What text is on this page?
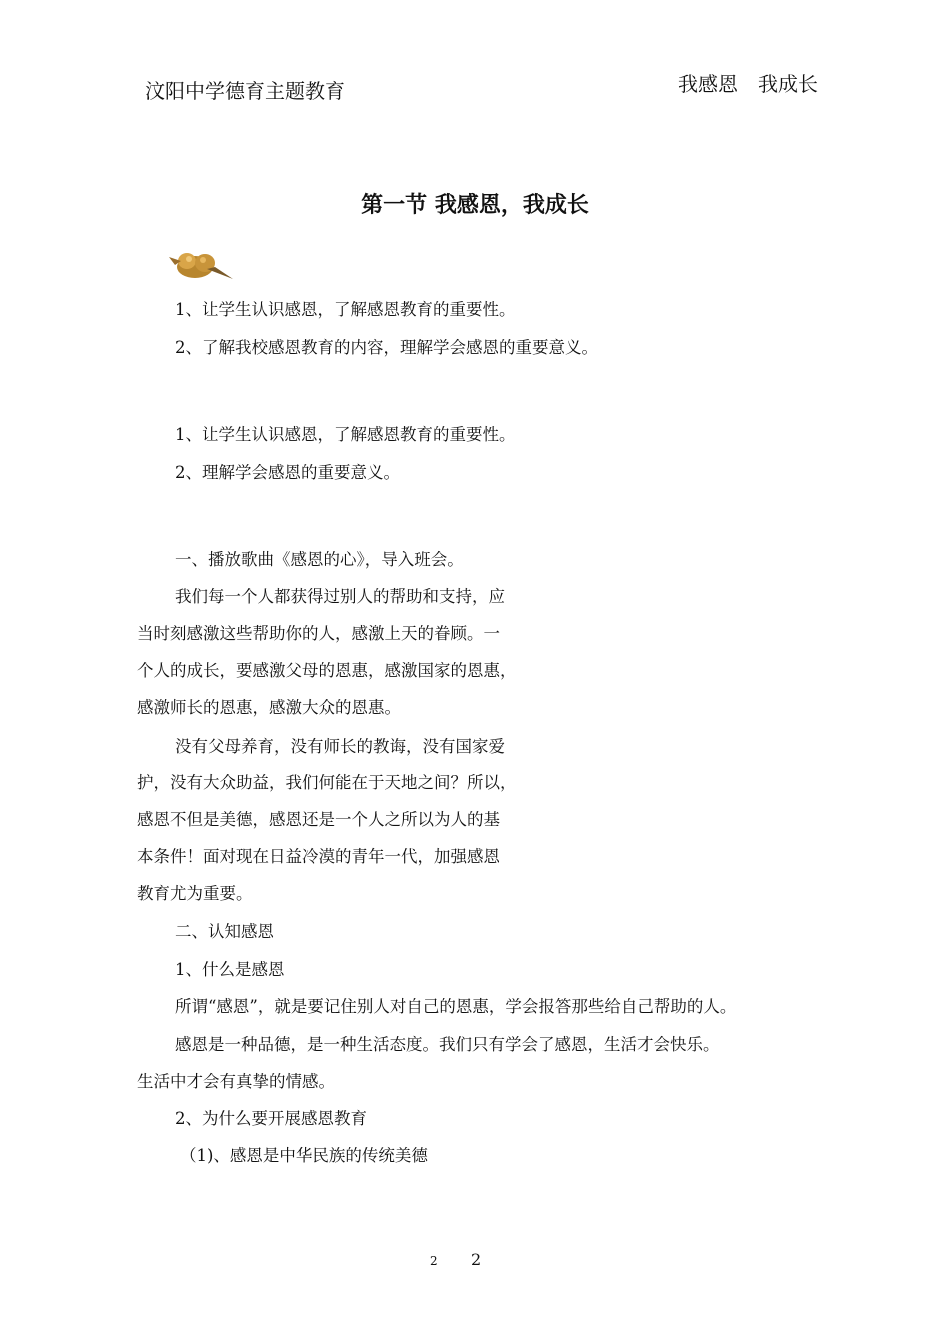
汶阳中学德育主题教育	我感恩　我成长
第一节 我感恩，我成长
1、让学生认识感恩，了解感恩教育的重要性。
2、了解我校感恩教育的内容，理解学会感恩的重要意义。
1、让学生认识感恩，了解感恩教育的重要性。
2、理解学会感恩的重要意义。
一、播放歌曲《感恩的心》，导入班会。
我们每一个人都获得过别人的帮助和支持，应
当时刻感激这些帮助你的人，感激上天的眷顾。一
个人的成长，要感激父母的恩惠，感激国家的恩惠，
感激师长的恩惠，感激大众的恩惠。
没有父母养育，没有师长的教诲，没有国家爱
护，没有大众助益，我们何能在于天地之间？所以，
感恩不但是美德，感恩还是一个人之所以为人的基
本条件！面对现在日益冷漠的青年一代，加强感恩
教育尤为重要。
二、认知感恩
1、什么是感恩
所谓“感恩”，就是要记住别人对自己的恩惠，学会报答那些给自己帮助的人。
感恩是一种品德，是一种生活态度。我们只有学会了感恩，生活才会快乐。
生活中才会有真挚的情感。
2、为什么要开展感恩教育
（1)、感恩是中华民族的传统美德
2 2
